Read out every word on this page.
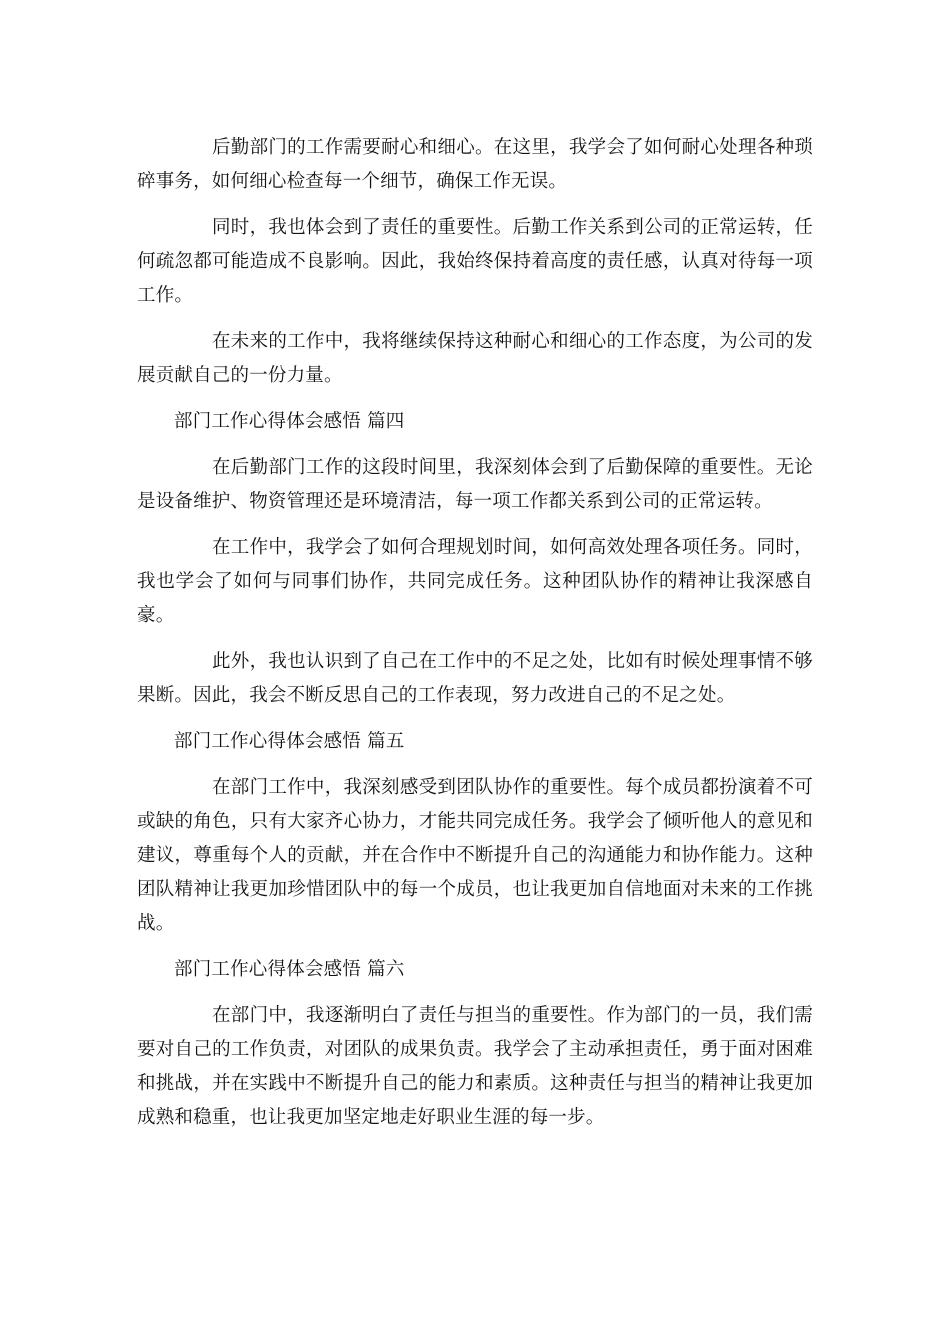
后勤部门的工作需要耐心和细心。在这里，我学会了如何耐心处理各种琐碎事务，如何细心检查每一个细节，确保工作无误。

同时，我也体会到了责任的重要性。后勤工作关系到公司的正常运转，任何疏忽都可能造成不良影响。因此，我始终保持着高度的责任感，认真对待每一项工作。

在未来的工作中，我将继续保持这种耐心和细心的工作态度，为公司的发展贡献自己的一份力量。

部门工作心得体会感悟 篇四

在后勤部门工作的这段时间里，我深刻体会到了后勤保障的重要性。无论是设备维护、物资管理还是环境清洁，每一项工作都关系到公司的正常运转。

在工作中，我学会了如何合理规划时间，如何高效处理各项任务。同时，我也学会了如何与同事们协作，共同完成任务。这种团队协作的精神让我深感自豪。

此外，我也认识到了自己在工作中的不足之处，比如有时候处理事情不够果断。因此，我会不断反思自己的工作表现，努力改进自己的不足之处。

部门工作心得体会感悟 篇五

在部门工作中，我深刻感受到团队协作的重要性。每个成员都扮演着不可或缺的角色，只有大家齐心协力，才能共同完成任务。我学会了倾听他人的意见和建议，尊重每个人的贡献，并在合作中不断提升自己的沟通能力和协作能力。这种团队精神让我更加珍惜团队中的每一个成员，也让我更加自信地面对未来的工作挑战。

部门工作心得体会感悟 篇六

在部门中，我逐渐明白了责任与担当的重要性。作为部门的一员，我们需要对自己的工作负责，对团队的成果负责。我学会了主动承担责任，勇于面对困难和挑战，并在实践中不断提升自己的能力和素质。这种责任与担当的精神让我更加成熟和稳重，也让我更加坚定地走好职业生涯的每一步。
